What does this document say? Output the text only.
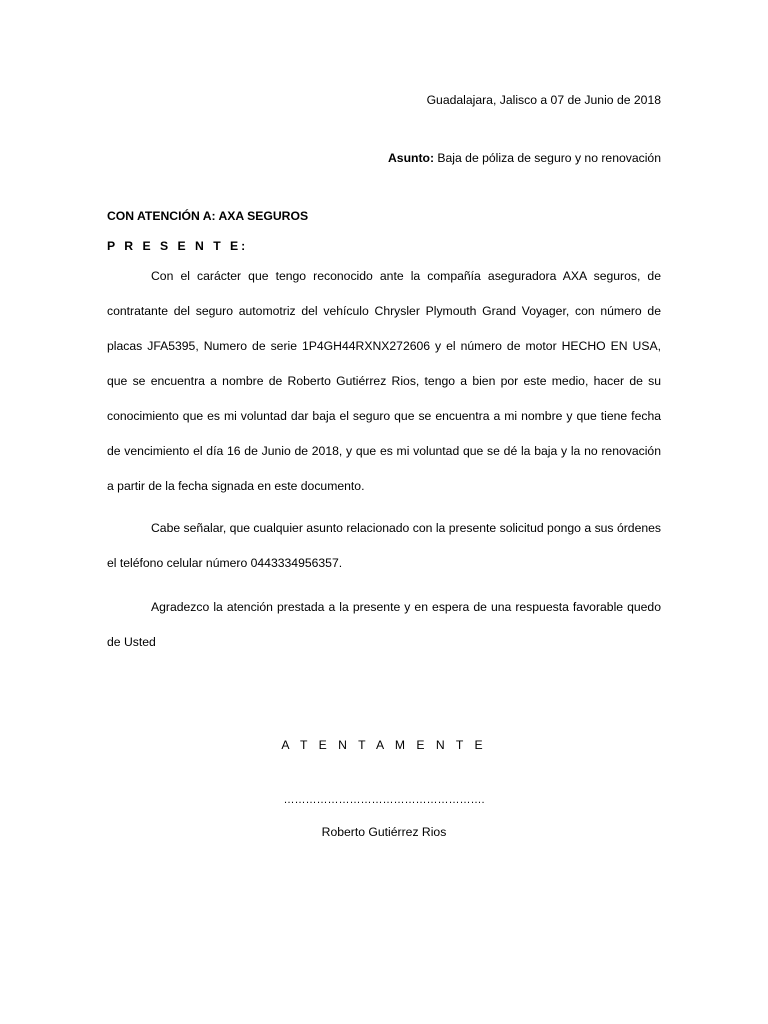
Guadalajara, Jalisco a 07 de Junio de 2018
Asunto: Baja de póliza de seguro y no renovación
CON ATENCIÓN A: AXA SEGUROS
P R E S E N T E:

Con el carácter que tengo reconocido ante la compañía aseguradora AXA seguros, de contratante del seguro automotriz del vehículo Chrysler Plymouth Grand Voyager, con número de placas JFA5395, Numero de serie 1P4GH44RXNX272606 y el número de motor HECHO EN USA, que se encuentra a nombre de Roberto Gutiérrez Rios, tengo a bien por este medio, hacer de su conocimiento que es mi voluntad dar baja el seguro que se encuentra a mi nombre y que tiene fecha de vencimiento el día 16 de Junio de 2018, y que es mi voluntad que se dé la baja y la no renovación a partir de la fecha signada en este documento.

Cabe señalar, que cualquier asunto relacionado con la presente solicitud pongo a sus órdenes el teléfono celular número 0443334956357.

Agradezco la atención prestada a la presente y en espera de una respuesta favorable quedo de Usted

A T E N T A M E N T E
……………………………………………….
Roberto Gutiérrez Rios
